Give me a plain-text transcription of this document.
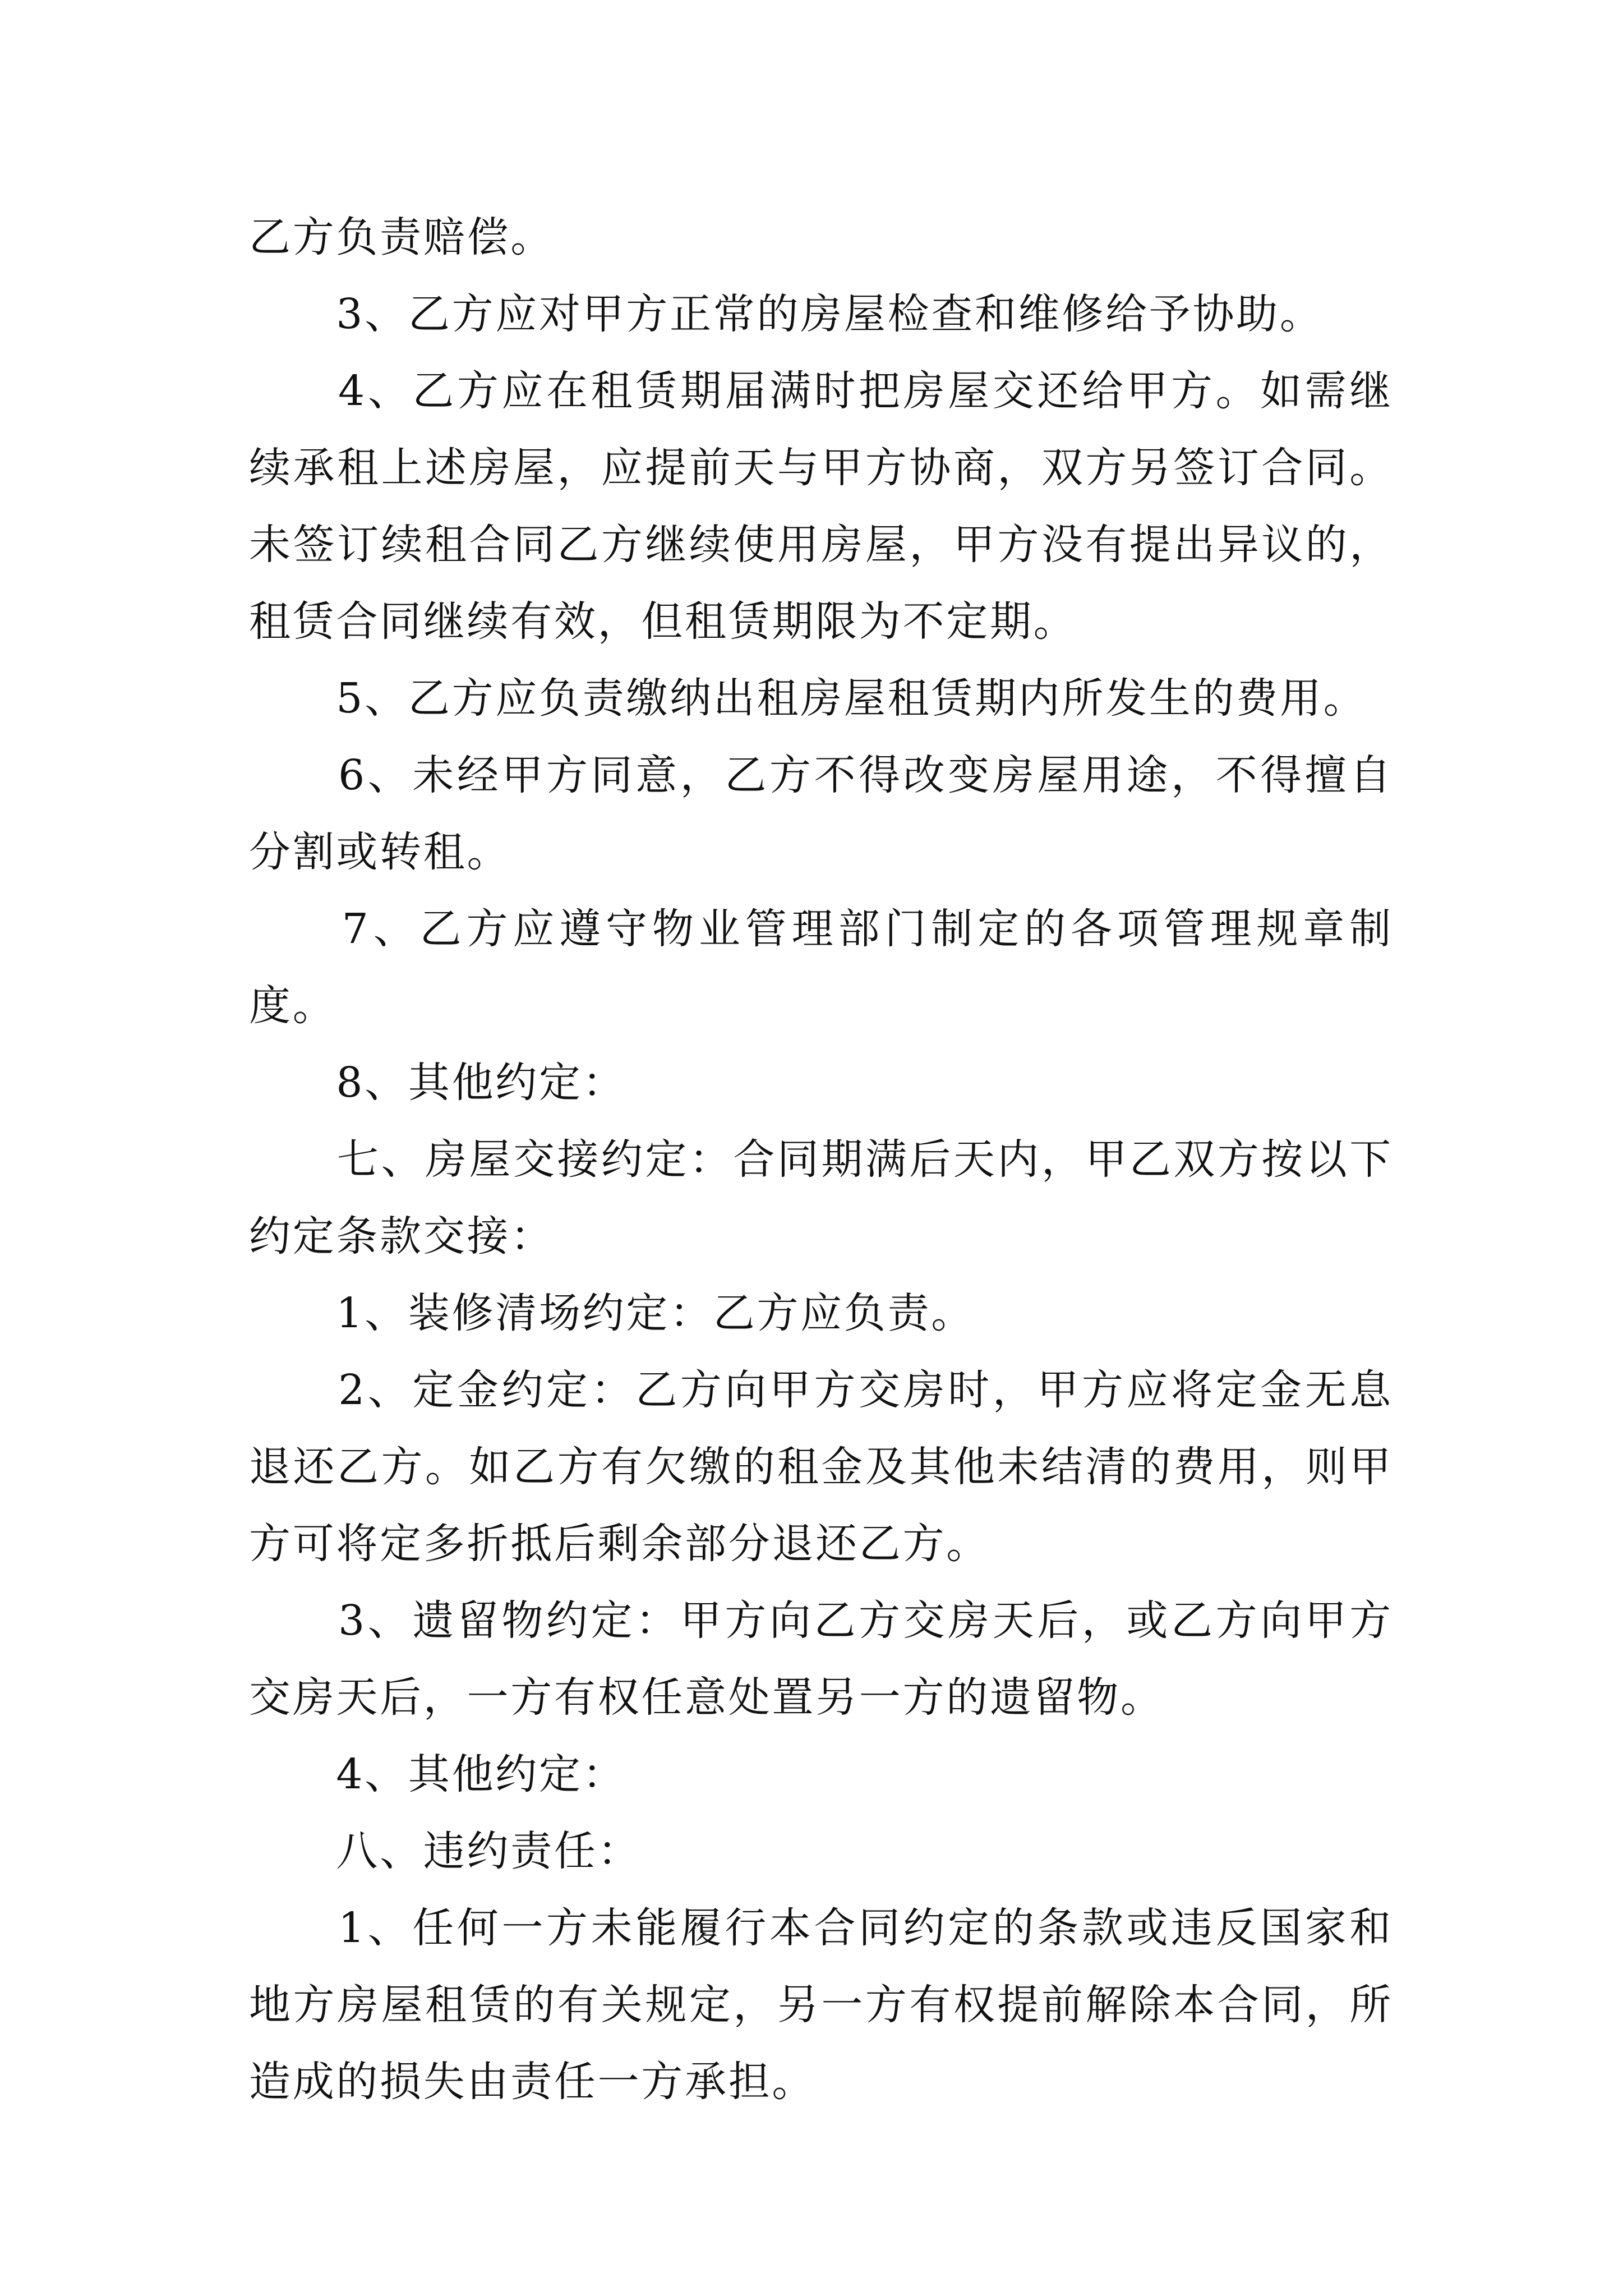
乙方负责赔偿。

　　3、乙方应对甲方正常的房屋检查和维修给予协助。

　　4、乙方应在租赁期届满时把房屋交还给甲方。如需继续承租上述房屋，应提前天与甲方协商，双方另签订合同。未签订续租合同乙方继续使用房屋，甲方没有提出异议的，租赁合同继续有效，但租赁期限为不定期。

　　5、乙方应负责缴纳出租房屋租赁期内所发生的费用。

　　6、未经甲方同意，乙方不得改变房屋用途，不得擅自分割或转租。

　　7、乙方应遵守物业管理部门制定的各项管理规章制度。

　　8、其他约定：

　　七、房屋交接约定：合同期满后天内，甲乙双方按以下约定条款交接：

　　1、装修清场约定：乙方应负责。

　　2、定金约定：乙方向甲方交房时，甲方应将定金无息退还乙方。如乙方有欠缴的租金及其他未结清的费用，则甲方可将定多折抵后剩余部分退还乙方。

　　3、遗留物约定：甲方向乙方交房天后，或乙方向甲方交房天后，一方有权任意处置另一方的遗留物。

　　4、其他约定：

　　八、违约责任：

　　1、任何一方未能履行本合同约定的条款或违反国家和地方房屋租赁的有关规定，另一方有权提前解除本合同，所造成的损失由责任一方承担。
